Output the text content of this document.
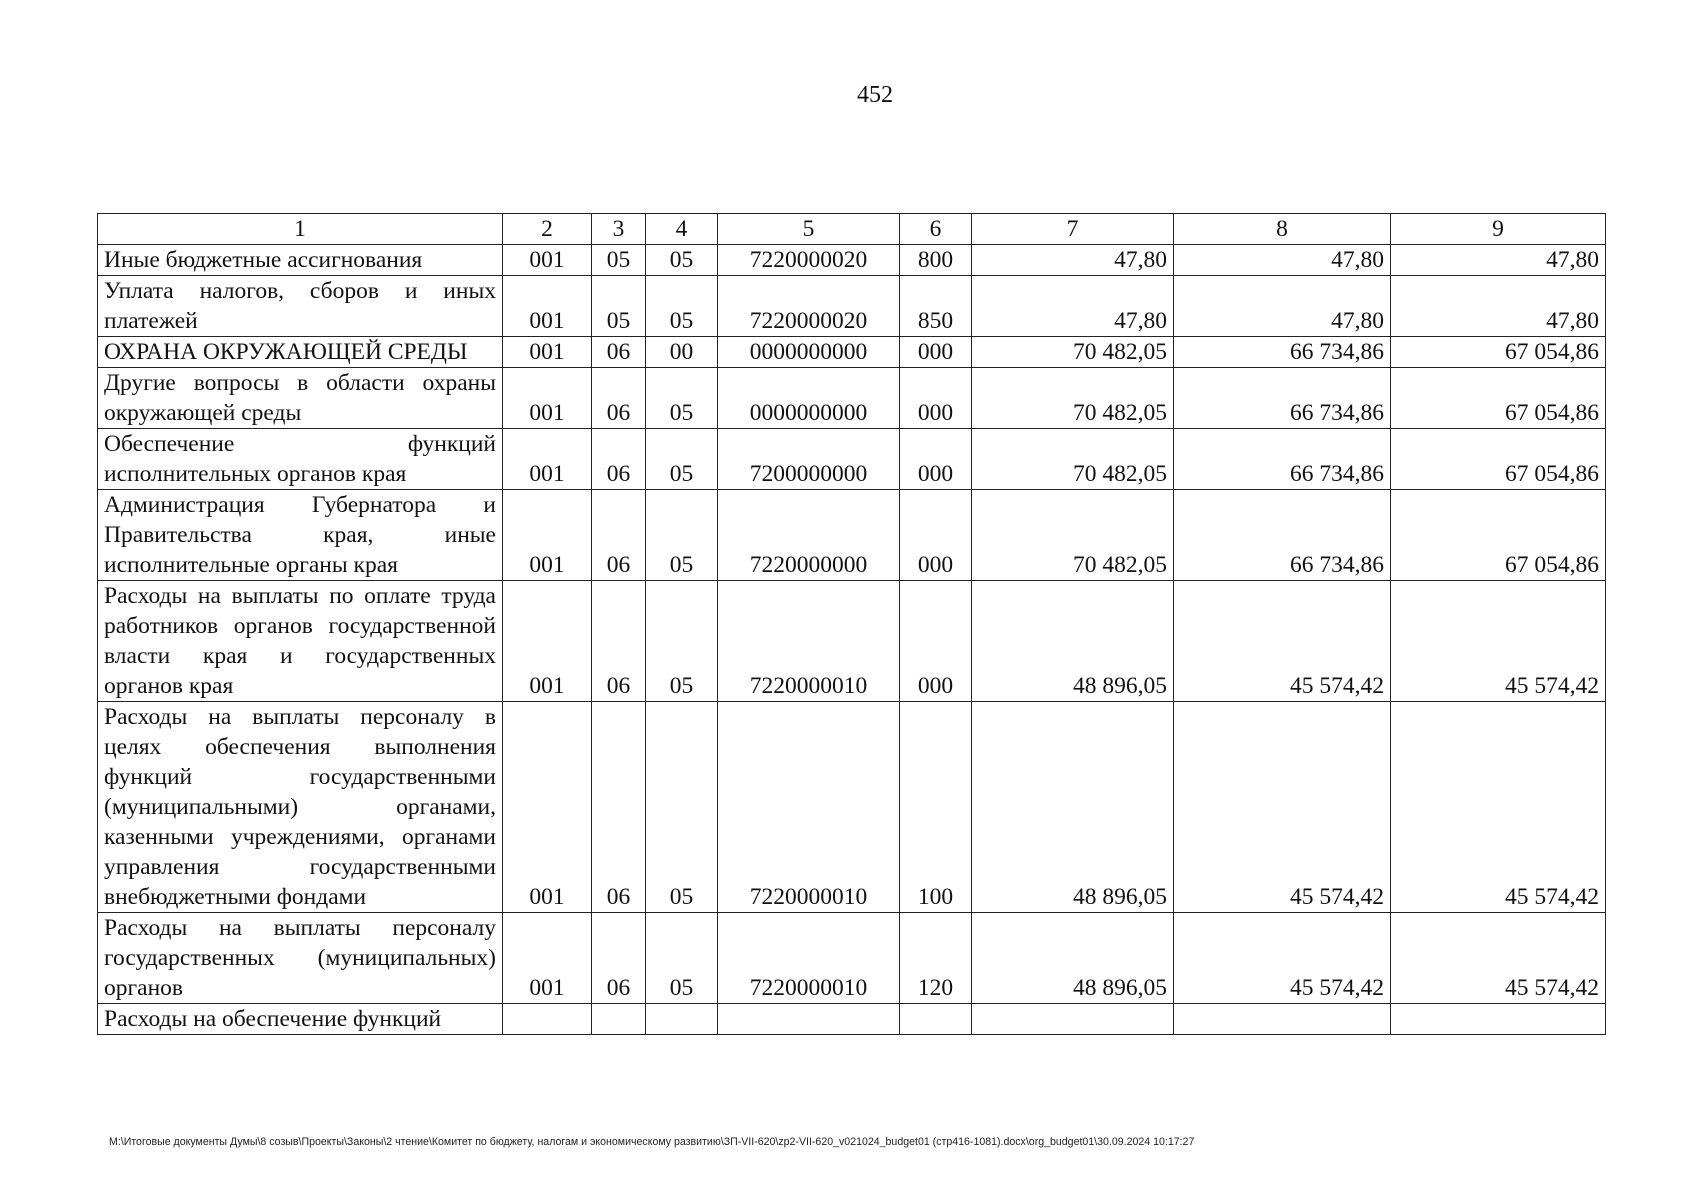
452
1	2	3	4	5	6	7	8	9
Иные бюджетные ассигнования	001	05	05	7220000020	800	47,80	47,80	47,80
Уплата налогов, сборов и иных платежей	001	05	05	7220000020	850	47,80	47,80	47,80
ОХРАНА ОКРУЖАЮЩЕЙ СРЕДЫ	001	06	00	0000000000	000	70 482,05	66 734,86	67 054,86
Другие вопросы в области охраны окружающей среды	001	06	05	0000000000	000	70 482,05	66 734,86	67 054,86
Обеспечение функций исполнительных органов края	001	06	05	7200000000	000	70 482,05	66 734,86	67 054,86
Администрация Губернатора и Правительства края, иные исполнительные органы края	001	06	05	7220000000	000	70 482,05	66 734,86	67 054,86
Расходы на выплаты по оплате труда работников органов государственной власти края и государственных органов края	001	06	05	7220000010	000	48 896,05	45 574,42	45 574,42
Расходы на выплаты персоналу в целях обеспечения выполнения функций государственными (муниципальными) органами, казенными учреждениями, органами управления государственными внебюджетными фондами	001	06	05	7220000010	100	48 896,05	45 574,42	45 574,42
Расходы на выплаты персоналу государственных (муниципальных) органов	001	06	05	7220000010	120	48 896,05	45 574,42	45 574,42
Расходы на обеспечение функций								
M:\Итоговые документы Думы\8 созыв\Проекты\Законы\2 чтение\Комитет по бюджету, налогам и экономическому развитию\ЗП-VII-620\zp2-VII-620_v021024_budget01 (стр416-1081).docx\org_budget01\30.09.2024 10:17:27
